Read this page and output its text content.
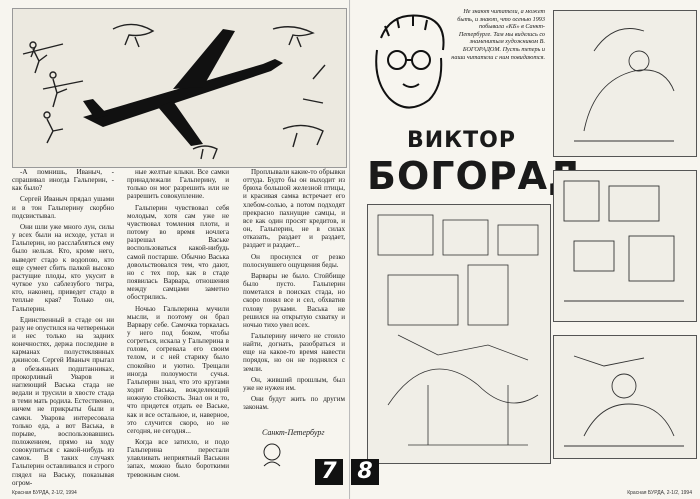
-А помнишь, Иваныч, - спрашивал иногда Гальперин, - как было?

Сергей Иваныч прядал ушами и в тон Гальперину скорбно подсвистывал.

Они шли уже много лун, силы у всех были на исходе, устал и Гальперин, но расслабляться ему было нельзя. Кто, кроме него, выведет стадо к водопою, кто еще сумеет сбить палкой высоко растущие плоды, кто укусит в чуткое ухо саблезубого тигра, кто, наконец, приведет стадо в теплые края? Только он, Гальперин.

Единственный в стаде он ни разу не опустился на четвереньки и нес только на задних конечностях, держа последние в карманах полустеклянных джинсов. Сергей Иваныч прыгал в обезьяньих подштанниках, прокорливый Уваров и наглеющий Васька стада не ведали и трусили в хвосте стада в теми мать родила. Естественно, ничем не прикрыты были и самки. Уварова интересовала только еда, а вот Васька, в порыве, воспользовавшись положением, прямо на ходу совокупиться с какой-нибудь из самок. В таких случаях Гальперин оставливался и строго глядел на Ваську, показывая огром-

ные желтые клыки. Все самки принадлежали Гальперину, и только он мог разрешить или не разрешить совокупление.

Гальперин чувствовал себя молодым, хотя сам уже не чувствовал томления плоти, и потому во время ночлега разрешал Ваське воспользоваться какой-нибудь самой постарше. Обычно Васька довольствовался тем, что дают, но с тех пор, как в стаде появилась Варвара, отношения между самцами заметно обострились.

Ночью Гальперина мучили мысли, и поэтому он брал Варвару себе. Самочка торкалась у него под боком, чтобы согреться, искала у Гальперина в голове, согревала его своим телом, и с ней старику было спокойно и уютно. Трещали иногда полоумости сучья. Гальперин знал, что это кругами ходит Васька, вожделеющий ножную стойкость. Знал он и то, что придется отдать ее Ваське, как и все остальное, и, наверное, это случится скоро, но не сегодня, не сегодня...

Когда все затихло, и подо Гальперина перестали улавливать неприятный Васькин запах, можно было бороткими тревожным сном.

Проплывали какие-то обрывки оттуда. Будто бы он выходит из брюха большой железной птицы, и красивая самка встречает его хлебом-солью, а потом подходят прекрасно пахнущие самцы, и все как один просят кредитов, и он, Гальперин, не в силах отказать, раздает и раздает, раздает и раздает...

Он проснулся от резко полоснувшего ощущения беды.

Варвары не было. Стойбище было пусто. Гальперин пометался в поисках стада, но скоро понял все и сел, обхватив голову руками. Васька не решился на открытую схватку и ночью тихо увел всех.

Гальперину ничего не стоило найти, догнать, разобраться и еще на какое-то время навести порядок, но он не поднялся с земли.

Он, живший прошлым, был уже не нужен им.

Они будут жить по другим законам.

Санкт-Петербург
7
Красная БУРДА, 2-1/2, 1994
Не знают читатели, а может быть, и знают, что осенью 1993 побывала «КБ» в Санкт-Петербурге. Там мы виделись со знаменитым художником В. БОГОРАДОМ. Пусть теперь и наши читатели с ним повидаются.
ВИКТОР
БОГОРАД
8
Красная БУРДА, 2-1/2, 1994
